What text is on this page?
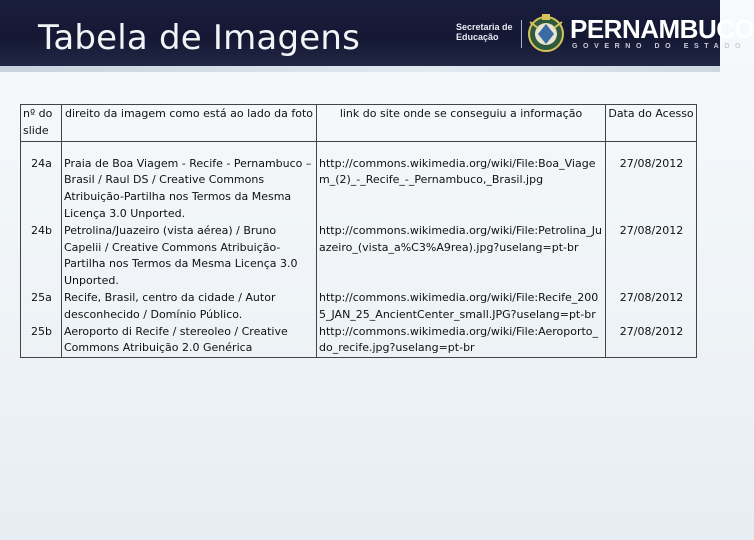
Tabela de Imagens	Secretaria de
Educação	PERNAMBUCO
GOVERNO DO ESTADO
nº do slide	direito da imagem como está ao lado da foto	link do site onde se conseguiu a informação	Data do Acesso

24a	Praia de Boa Viagem - Recife - Pernambuco – Brasil / Raul DS / Creative Commons Atribuição-Partilha nos Termos da Mesma Licença 3.0 Unported.	http://commons.wikimedia.org/wiki/File:Boa_Viagem_(2)_-_Recife_-_Pernambuco,_Brasil.jpg	27/08/2012
24b	Petrolina/Juazeiro (vista aérea) / Bruno Capelii / Creative Commons Atribuição-Partilha nos Termos da Mesma Licença 3.0 Unported.	http://commons.wikimedia.org/wiki/File:Petrolina_Juazeiro_(vista_a%C3%A9rea).jpg?uselang=pt-br	27/08/2012
25a	Recife, Brasil, centro da cidade / Autor desconhecido / Domínio Público.	http://commons.wikimedia.org/wiki/File:Recife_2005_JAN_25_AncientCenter_small.JPG?uselang=pt-br	27/08/2012
25b	Aeroporto di Recife / stereoleo / Creative Commons Atribuição 2.0 Genérica	http://commons.wikimedia.org/wiki/File:Aeroporto_do_recife.jpg?uselang=pt-br	27/08/2012
